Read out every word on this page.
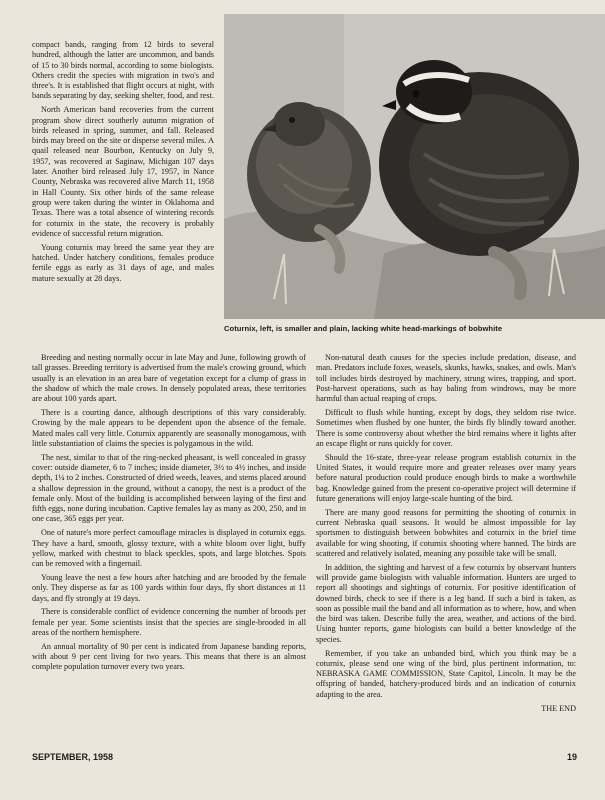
Coturnix, left, is smaller and plain, lacking white head-markings of bobwhite

compact bands, ranging from 12 birds to several hundred, although the latter are uncommon, and bands of 15 to 30 birds normal, according to some biologists. Others credit the species with migration in two's and three's. It is established that flight occurs at night, with bands separating by day, seeking shelter, food, and rest.

North American band recoveries from the current program show direct southerly autumn migration of birds released in spring, summer, and fall. Released birds may breed on the site or disperse several miles. A quail released near Bourbon, Kentucky on July 9, 1957, was recovered at Saginaw, Michigan 107 days later. Another bird released July 17, 1957, in Nance County, Nebraska was recovered alive March 11, 1958 in Hall County. Six other birds of the same release group were taken during the winter in Oklahoma and Texas. There was a total absence of wintering records for coturnix in the state, the recovery is probably evidence of successful return migration.

Young coturnix may breed the same year they are hatched. Under hatchery conditions, females produce fertile eggs as early as 31 days of age, and males mature sexually at 28 days.

Breeding and nesting normally occur in late May and June, following growth of tall grasses. Breeding territory is advertised from the male's crowing ground, which usually is an elevation in an area bare of vegetation except for a clump of grass in the shadow of which the male crows. In densely populated areas, these territories are about 100 yards apart.

There is a courting dance, although descriptions of this vary considerably. Crowing by the male appears to be dependent upon the absence of the female. Mated males call very little. Coturnix apparently are seasonally monogamous, with little substantiation of claims the species is polygamous in the wild.

The nest, similar to that of the ring-necked pheasant, is well concealed in grassy cover: outside diameter, 6 to 7 inches; inside diameter, 3½ to 4½ inches, and inside depth, 1¼ to 2 inches. Constructed of dried weeds, leaves, and stems placed around a shallow depression in the ground, without a canopy, the nest is a product of the female only. Most of the building is accomplished between laying of the first and fifth eggs, none during incubation. Captive females lay as many as 200, 250, and in one case, 365 eggs per year.

One of nature's more perfect camouflage miracles is displayed in coturnix eggs. They have a hard, smooth, glossy texture, with a white bloom over light, buffy yellow, marked with chestnut to black speckles, spots, and large blotches. Spots can be removed with a fingernail.

Young leave the nest a few hours after hatching and are brooded by the female only. They disperse as far as 100 yards within four days, fly short distances at 11 days, and fly strongly at 19 days.

There is considerable conflict of evidence concerning the number of broods per female per year. Some scientists insist that the species are single-brooded in all areas of the northern hemisphere.

An annual mortality of 90 per cent is indicated from Japanese banding reports, with about 9 per cent living for two years. This means that there is an almost complete population turnover every two years.

Non-natural death causes for the species include predation, disease, and man. Predators include foxes, weasels, skunks, hawks, snakes, and owls. Man's toll includes birds destroyed by machinery, strung wires, trapping, and sport. Post-harvest operations, such as hay baling from windrows, may be more harmful than actual reaping of crops.

Difficult to flush while hunting, except by dogs, they seldom rise twice. Sometimes when flushed by one hunter, the birds fly blindly toward another. There is some controversy about whether the bird remains where it lights after an escape flight or runs quickly for cover.

Should the 16-state, three-year release program establish coturnix in the United States, it would require more and greater releases over many years before natural production could produce enough birds to make a worthwhile bag. Knowledge gained from the present co-operative project will determine if future generations will enjoy large-scale hunting of the bird.

There are many good reasons for permitting the shooting of coturnix in current Nebraska quail seasons. It would be almost impossible for lay sportsmen to distinguish between bobwhites and coturnix in the brief time available for wing shooting, if coturnix shooting where banned. The birds are scattered and relatively isolated, meaning any possible take will be small.

In addition, the sighting and harvest of a few coturnix by observant hunters will provide game biologists with valuable information. Hunters are urged to report all shootings and sightings of coturnix. For positive identification of downed birds, check to see if there is a leg band. If such a bird is taken, as soon as possible mail the band and all information as to where, how, and when the bird was taken. Describe fully the area, weather, and actions of the bird. Using hunter reports, game biologists can build a better knowledge of the species.

Remember, if you take an unbanded bird, which you think may be a coturnix, please send one wing of the bird, plus pertinent information, to: NEBRASKA GAME COMMISSION, State Capitol, Lincoln. It may be the offspring of banded, hatchery-produced birds and an indication of coturnix adapting to the area.

THE END

SEPTEMBER, 1958	19
